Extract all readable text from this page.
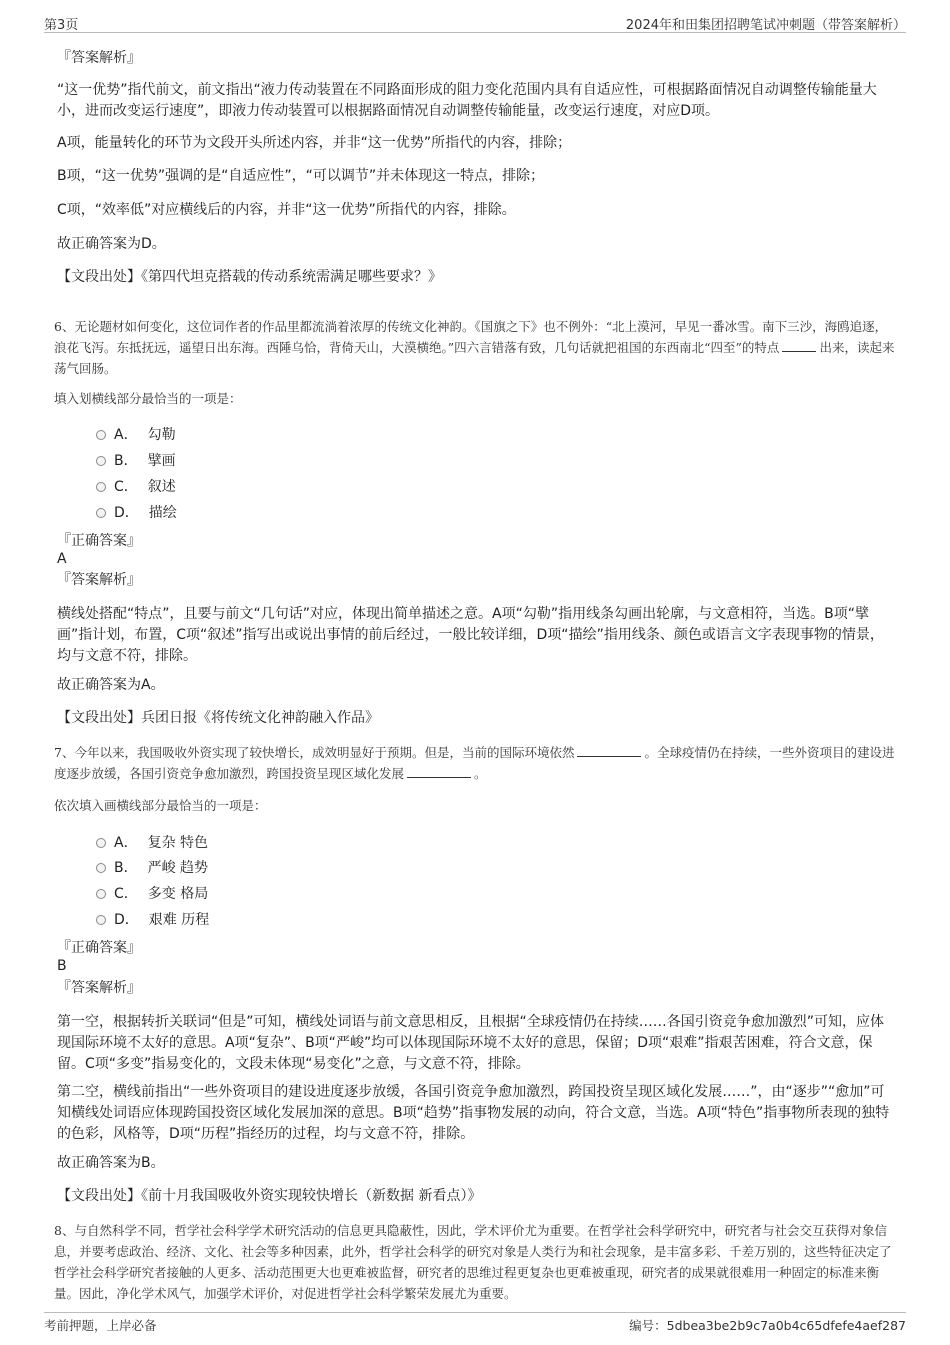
第3页	2024年和田集团招聘笔试冲刺题（带答案解析）
『答案解析』

“这一优势”指代前文，前文指出“液力传动装置在不同路面形成的阻力变化范围内具有自适应性，可根据路面情况自动调整传输能量大小，进而改变运行速度”，即液力传动装置可以根据路面情况自动调整传输能量，改变运行速度，对应D项。

A项，能量转化的环节为文段开头所述内容，并非“这一优势”所指代的内容，排除；

B项，“这一优势”强调的是“自适应性”，“可以调节”并未体现这一特点，排除；

C项，“效率低”对应横线后的内容，并非“这一优势”所指代的内容，排除。

故正确答案为D。

【文段出处】《第四代坦克搭载的传动系统需满足哪些要求？》

6、无论题材如何变化，这位词作者的作品里都流淌着浓厚的传统文化神韵。《国旗之下》也不例外：“北上漠河，早见一番冰雪。南下三沙，海鸥追逐，浪花飞泻。东抵抚远，遥望日出东海。西陲乌恰，背倚天山，大漠横绝。”四六言错落有致，几句话就把祖国的东西南北“四至”的特点	出来，读起来荡气回肠。

填入划横线部分最恰当的一项是：

A． 勾勒
B． 擘画
C． 叙述
D． 描绘
『正确答案』
A
『答案解析』

横线处搭配“特点”，且要与前文“几句话”对应，体现出简单描述之意。A项“勾勒”指用线条勾画出轮廓，与文意相符，当选。B项“擘画”指计划，布置，C项“叙述”指写出或说出事情的前后经过，一般比较详细，D项“描绘”指用线条、颜色或语言文字表现事物的情景，均与文意不符，排除。

故正确答案为A。

【文段出处】兵团日报《将传统文化神韵融入作品》

7、今年以来，我国吸收外资实现了较快增长，成效明显好于预期。但是，当前的国际环境依然	。全球疫情仍在持续，一些外资项目的建设进度逐步放缓，各国引资竞争愈加激烈，跨国投资呈现区域化发展	。

依次填入画横线部分最恰当的一项是：

A． 复杂 特色
B． 严峻 趋势
C． 多变 格局
D． 艰难 历程
『正确答案』
B
『答案解析』

第一空，根据转折关联词“但是”可知，横线处词语与前文意思相反，且根据“全球疫情仍在持续……各国引资竞争愈加激烈”可知，应体现国际环境不太好的意思。A项“复杂”、B项“严峻”均可以体现国际环境不太好的意思，保留；D项“艰难”指艰苦困难，符合文意，保留。C项“多变”指易变化的，文段未体现“易变化”之意，与文意不符，排除。

第二空，横线前指出“一些外资项目的建设进度逐步放缓，各国引资竞争愈加激烈，跨国投资呈现区域化发展……”，由“逐步”“愈加”可知横线处词语应体现跨国投资区域化发展加深的意思。B项“趋势”指事物发展的动向，符合文意，当选。A项“特色”指事物所表现的独特的色彩，风格等，D项“历程”指经历的过程，均与文意不符，排除。

故正确答案为B。

【文段出处】《前十月我国吸收外资实现较快增长（新数据 新看点）》

8、与自然科学不同，哲学社会科学学术研究活动的信息更具隐蔽性，因此，学术评价尤为重要。在哲学社会科学研究中，研究者与社会交互获得对象信息，并要考虑政治、经济、文化、社会等多种因素，此外，哲学社会科学的研究对象是人类行为和社会现象，是丰富多彩、千差万别的，这些特征决定了哲学社会科学研究者接触的人更多、活动范围更大也更难被监督，研究者的思维过程更复杂也更难被重现，研究者的成果就很难用一种固定的标准来衡量。因此，净化学术风气，加强学术评价，对促进哲学社会科学繁荣发展尤为重要。

考前押题，上岸必备	编号：5dbea3be2b9c7a0b4c65dfefe4aef287
